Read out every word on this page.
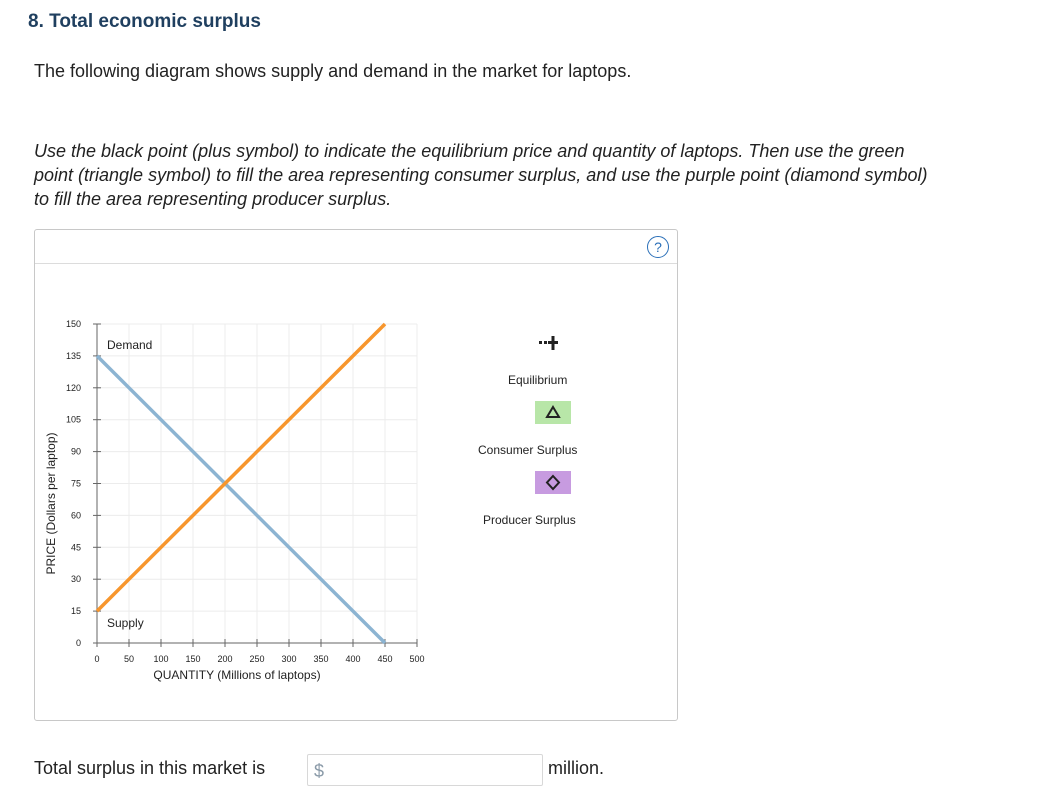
8. Total economic surplus

The following diagram shows supply and demand in the market for laptops.

Use the black point (plus symbol) to indicate the equilibrium price and quantity of laptops. Then use the green point (triangle symbol) to fill the area representing consumer surplus, and use the purple point (diamond symbol) to fill the area representing producer surplus.

?
0	50 100 150 200 250 300 350 400 450 500
0
15
30
45
60
75
90
105
120
135
150
QUANTITY (Millions of laptops)
PRICE (Dollars per laptop)
Demand
Supply
Equilibrium
Consumer Surplus
Producer Surplus
Total surplus in this market is	$	million.
